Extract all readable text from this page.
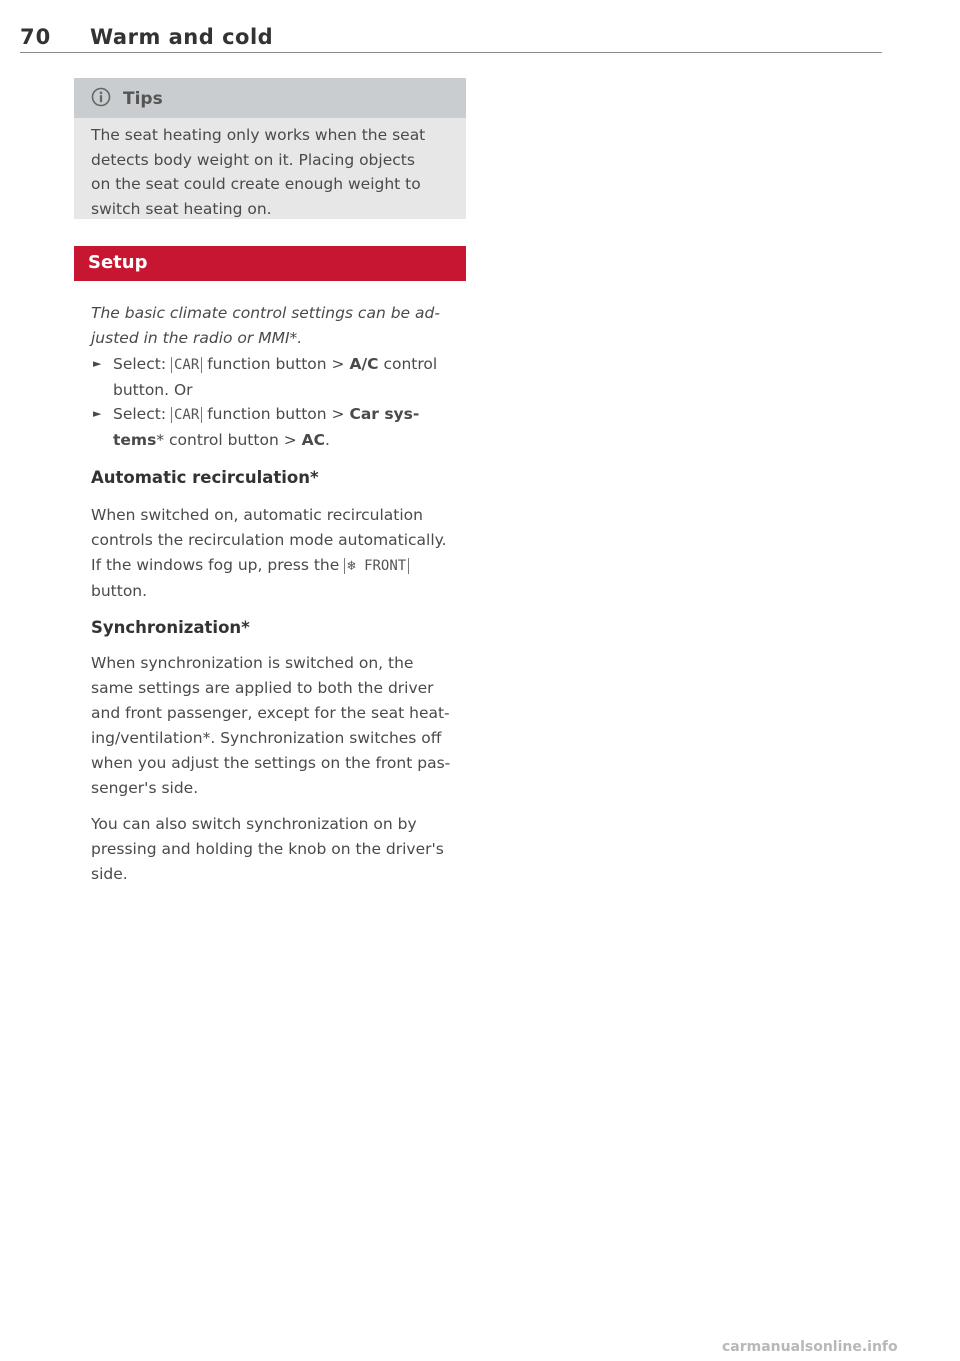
70 Warm and cold
Tips
The seat heating only works when the seat
detects body weight on it. Placing objects
on the seat could create enough weight to
switch seat heating on.
Setup
The basic climate control settings can be ad-
justed in the radio or MMI*.
► Select: CAR function button > A/C control
button. Or
► Select: CAR function button > Car sys-
tems* control button > AC.
Automatic recirculation*
When switched on, automatic recirculation
controls the recirculation mode automatically.
If the windows fog up, press the ❄ FRONT
button.
Synchronization*
When synchronization is switched on, the
same settings are applied to both the driver
and front passenger, except for the seat heat-
ing/ventilation*. Synchronization switches off
when you adjust the settings on the front pas-
senger's side.
You can also switch synchronization on by
pressing and holding the knob on the driver's
side.
carmanualsonline.info
